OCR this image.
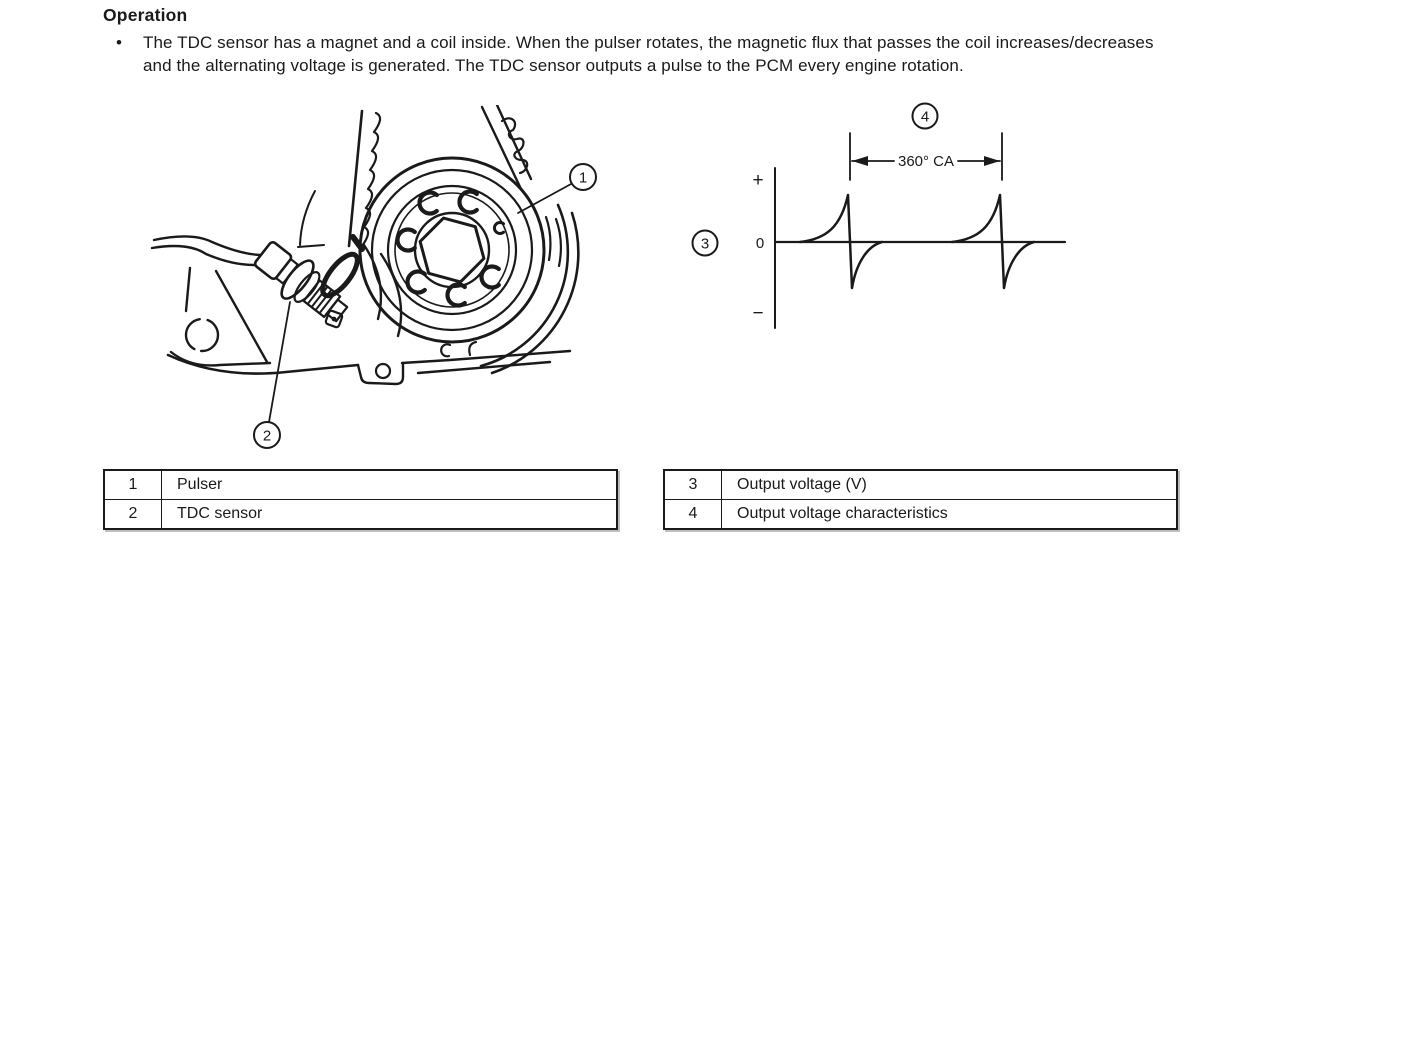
Operation
•	The TDC sensor has a magnet and a coil inside. When the pulser rotates, the magnetic flux that passes the coil increases/decreases and the alternating voltage is generated. The TDC sensor outputs a pulse to the PCM every engine rotation.
1
2
360° CA
+
0
−
3
4
1	Pulser
2	TDC sensor
3	Output voltage (V)
4	Output voltage characteristics
